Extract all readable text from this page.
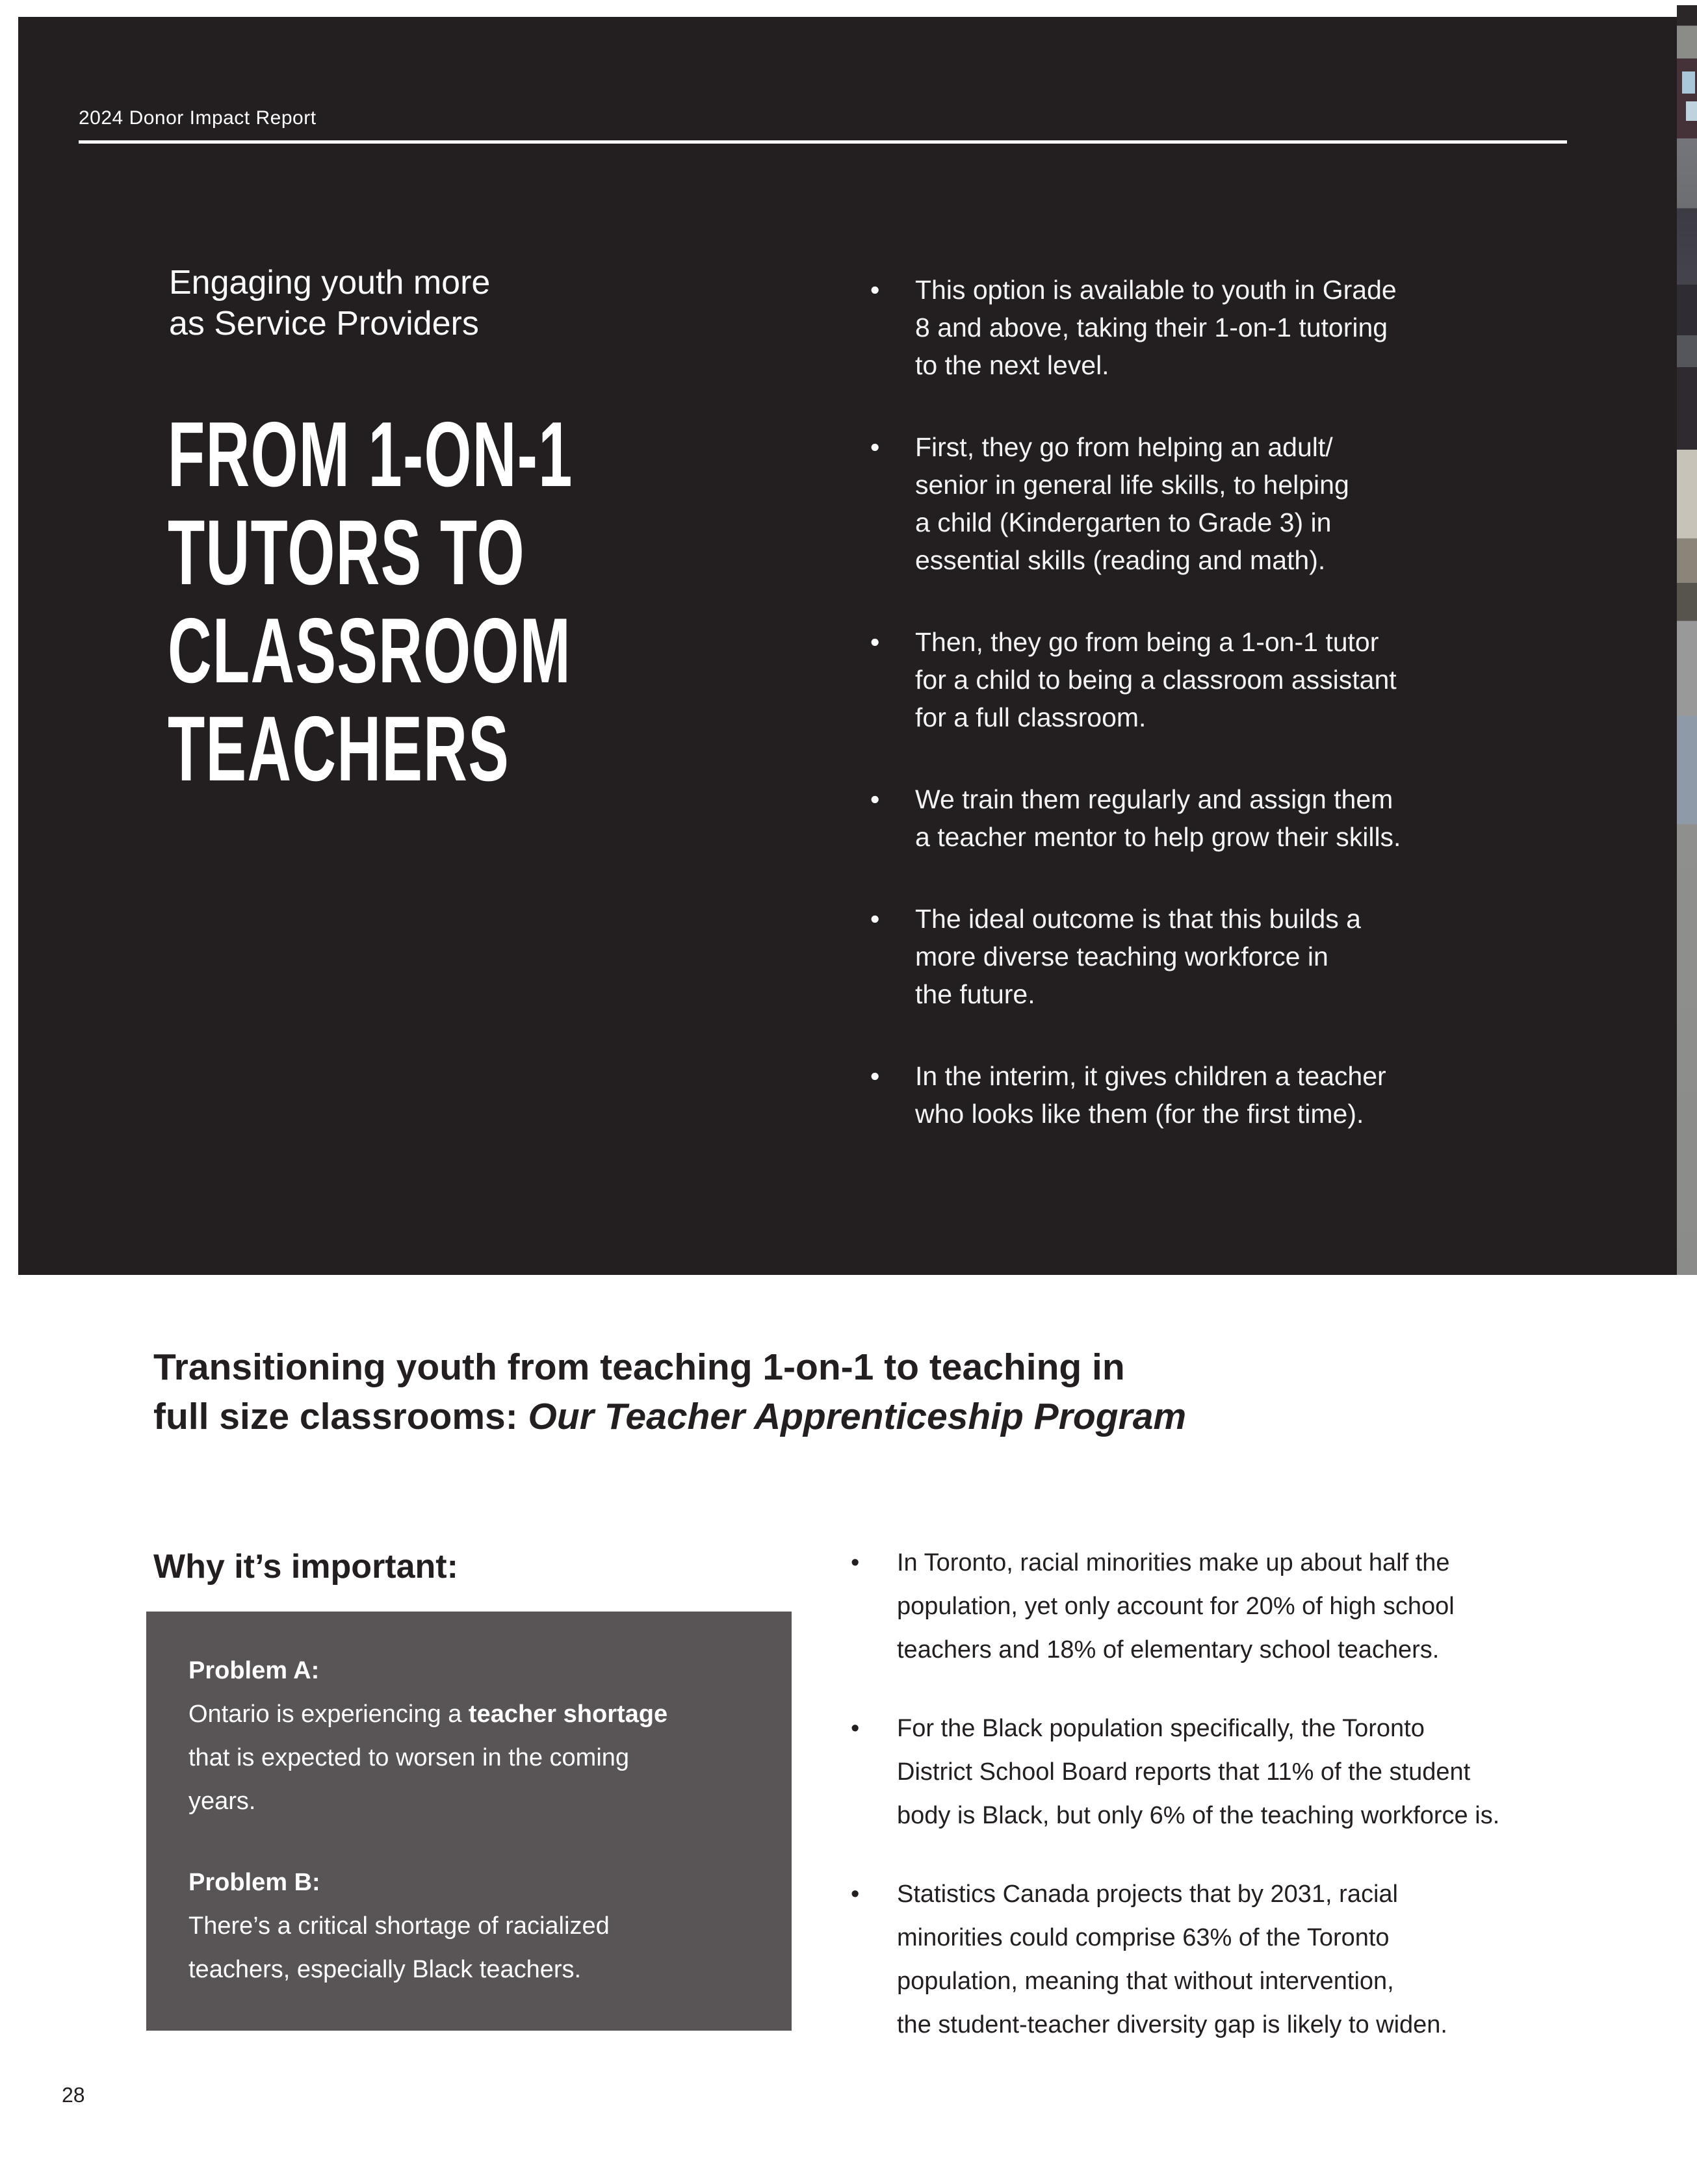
2024 Donor Impact Report
Engaging youth more
as Service Providers
FROM 1-ON-1
TUTORS TO
CLASSROOM
TEACHERS
• This option is available to youth in Grade
8 and above, taking their 1-on-1 tutoring
to the next level.
• First, they go from helping an adult/
senior in general life skills, to helping
a child (Kindergarten to Grade 3) in
essential skills (reading and math).
• Then, they go from being a 1-on-1 tutor
for a child to being a classroom assistant
for a full classroom.
• We train them regularly and assign them
a teacher mentor to help grow their skills.
• The ideal outcome is that this builds a
more diverse teaching workforce in
the future.
• In the interim, it gives children a teacher
who looks like them (for the first time).
Transitioning youth from teaching 1-on-1 to teaching in
full size classrooms: Our Teacher Apprenticeship Program
Why it’s important:
Problem A:
Ontario is experiencing a teacher shortage
that is expected to worsen in the coming
years.
Problem B:
There’s a critical shortage of racialized
teachers, especially Black teachers.
• In Toronto, racial minorities make up about half the
population, yet only account for 20% of high school
teachers and 18% of elementary school teachers.
• For the Black population specifically, the Toronto
District School Board reports that 11% of the student
body is Black, but only 6% of the teaching workforce is.
• Statistics Canada projects that by 2031, racial
minorities could comprise 63% of the Toronto
population, meaning that without intervention,
the student-teacher diversity gap is likely to widen.
28
